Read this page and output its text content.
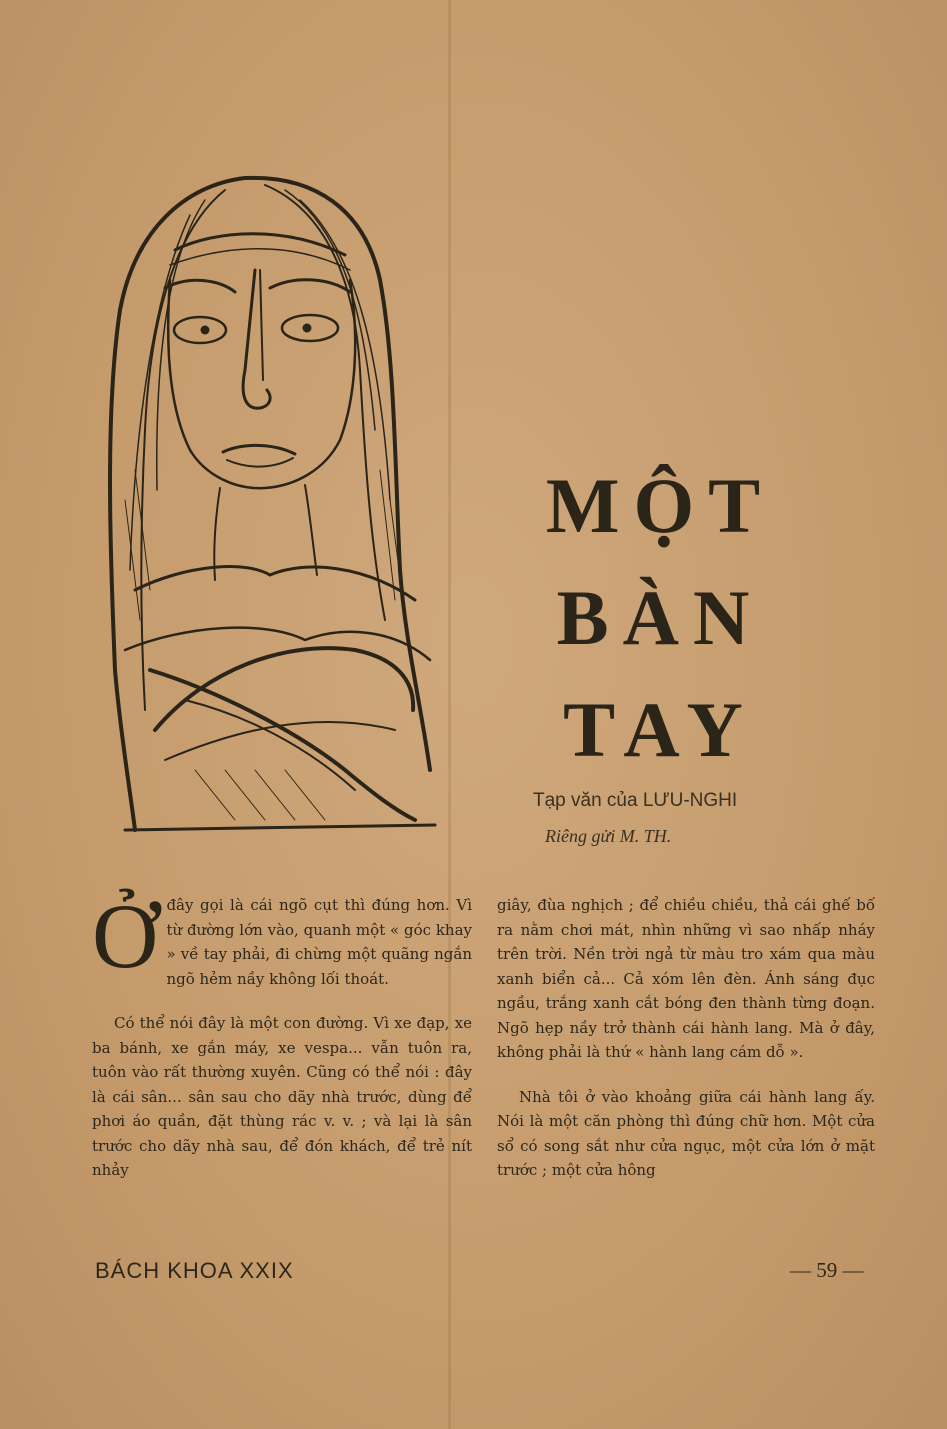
MỘT
BÀN
TAY
Tạp văn của LƯU-NGHI
Riêng gửi M. TH.

Ởđây gọi là cái ngõ cụt thì đúng hơn. Vì từ đường lớn vào, quanh một « góc khay » về tay phải, đi chừng một quãng ngắn ngõ hẻm nầy không lối thoát.

Có thể nói đây là một con đường. Vì xe đạp, xe ba bánh, xe gắn máy, xe vespa... vẫn tuôn ra, tuôn vào rất thường xuyên. Cũng có thể nói : đây là cái sân... sân sau cho dãy nhà trước, dùng để phơi áo quần, đặt thùng rác v. v. ; và lại là sân trước cho dãy nhà sau, để đón khách, để trẻ nít nhảy

giây, đùa nghịch ; để chiều chiều, thả cái ghế bố ra nằm chơi mát, nhìn những vì sao nhấp nháy trên trời. Nền trời ngả từ màu tro xám qua màu xanh biển cả... Cả xóm lên đèn. Ánh sáng đục ngầu, trắng xanh cắt bóng đen thành từng đoạn. Ngõ hẹp nầy trở thành cái hành lang. Mà ở đây, không phải là thứ « hành lang cám dỗ ».

Nhà tôi ở vào khoảng giữa cái hành lang ấy. Nói là một căn phòng thì đúng chữ hơn. Một cửa sổ có song sắt như cửa ngục, một cửa lớn ở mặt trước ; một cửa hông

BÁCH KHOA XXIX	— 59 —
